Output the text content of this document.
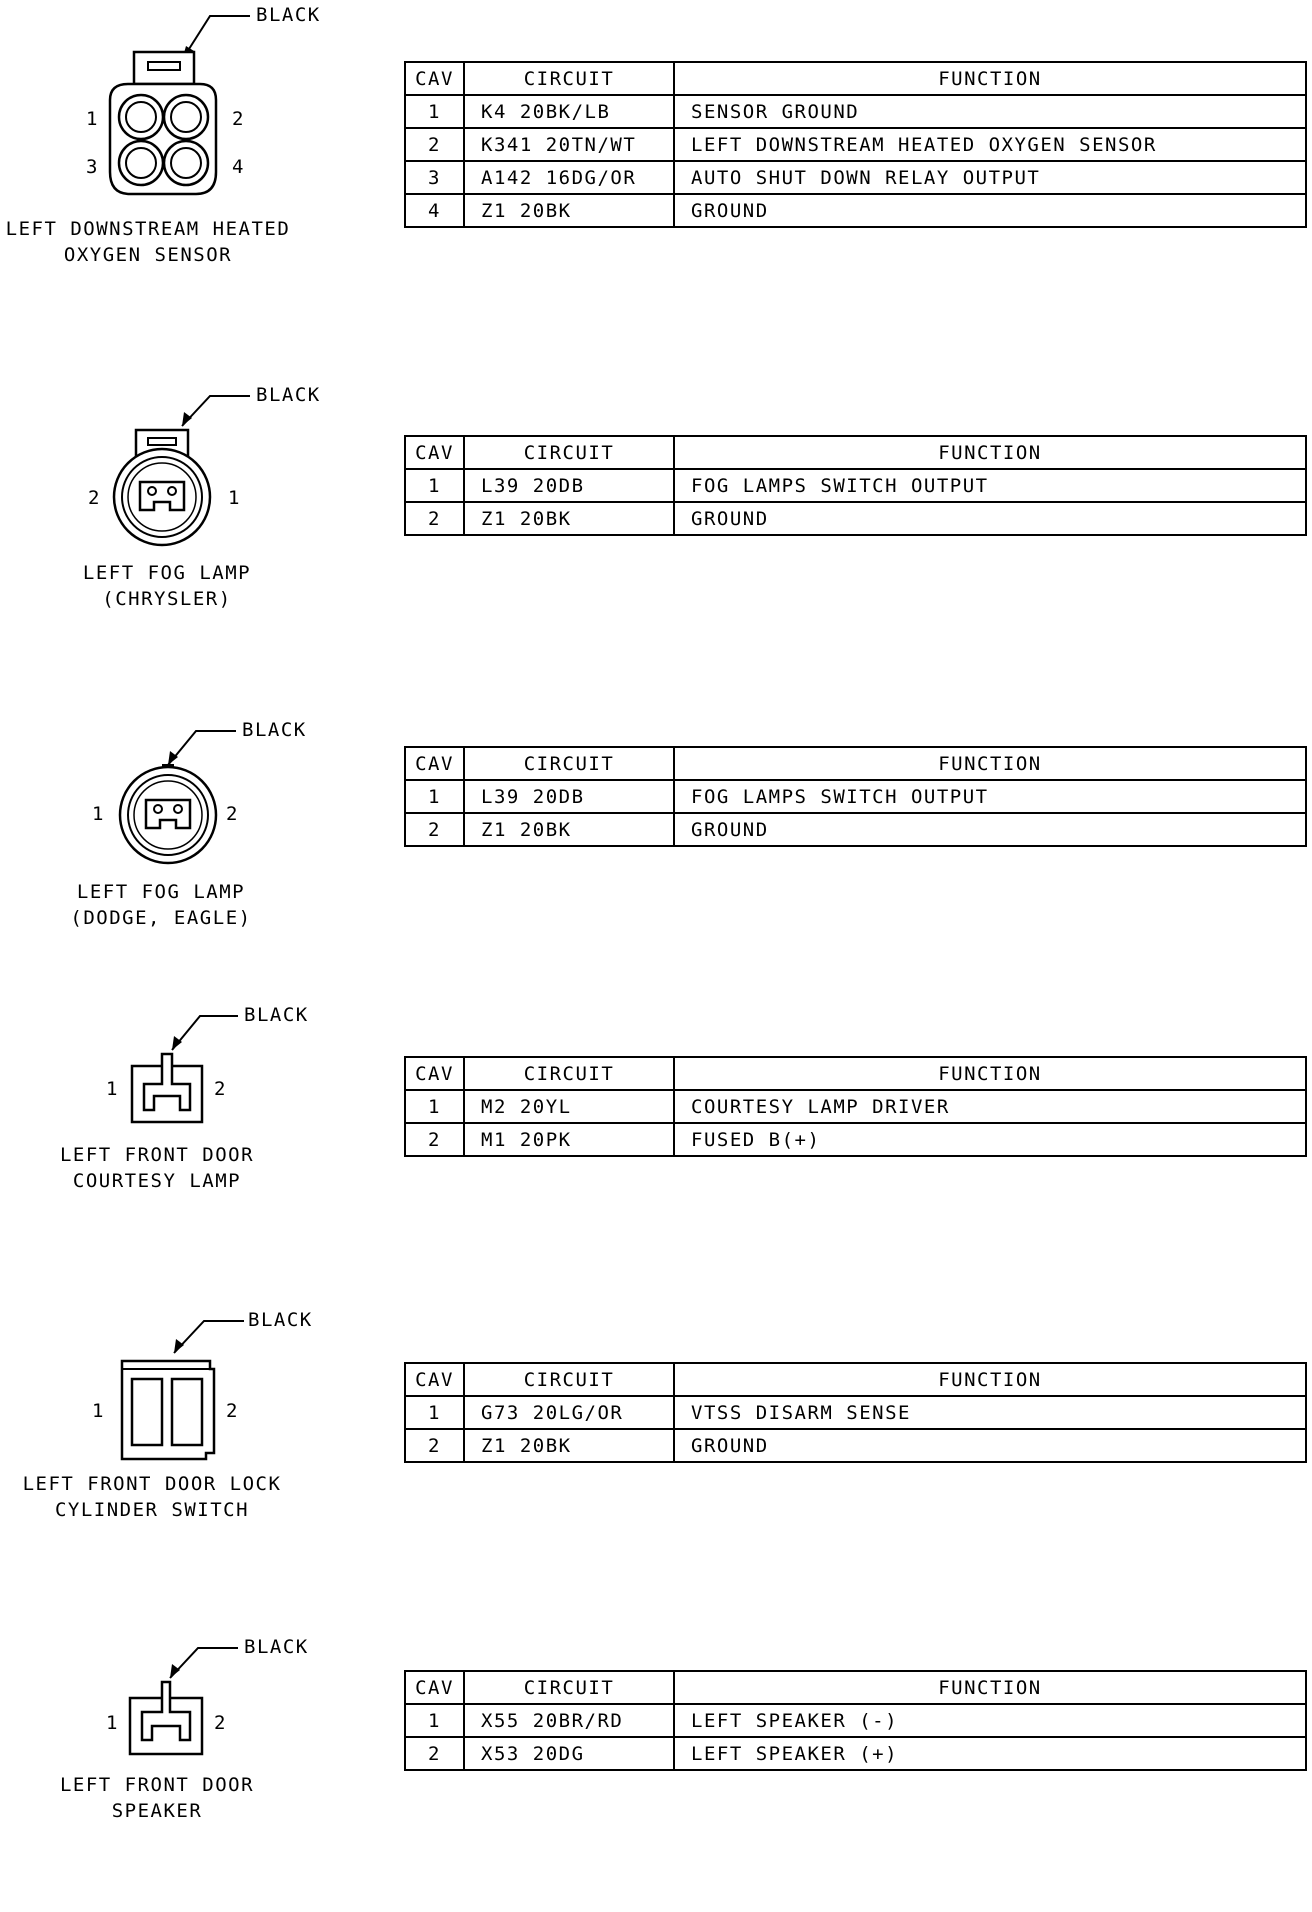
BLACK
1	2
3	4
LEFT DOWNSTREAM HEATED
OXYGEN SENSOR
CAV	CIRCUIT	FUNCTION
1	K4 20BK/LB	SENSOR GROUND
2	K341 20TN/WT	LEFT DOWNSTREAM HEATED OXYGEN SENSOR
3	A142 16DG/OR	AUTO SHUT DOWN RELAY OUTPUT
4	Z1 20BK	GROUND
BLACK
2	1
LEFT FOG LAMP
(CHRYSLER)
CAV	CIRCUIT	FUNCTION
1	L39 20DB	FOG LAMPS SWITCH OUTPUT
2	Z1 20BK	GROUND
BLACK
1	2
LEFT FOG LAMP
(DODGE, EAGLE)
CAV	CIRCUIT	FUNCTION
1	L39 20DB	FOG LAMPS SWITCH OUTPUT
2	Z1 20BK	GROUND
BLACK
1	2
LEFT FRONT DOOR
COURTESY LAMP
CAV	CIRCUIT	FUNCTION
1	M2 20YL	COURTESY LAMP DRIVER
2	M1 20PK	FUSED B(+)
BLACK
1	2
LEFT FRONT DOOR LOCK
CYLINDER SWITCH
CAV	CIRCUIT	FUNCTION
1	G73 20LG/OR	VTSS DISARM SENSE
2	Z1 20BK	GROUND
BLACK
1	2
LEFT FRONT DOOR
SPEAKER
CAV	CIRCUIT	FUNCTION
1	X55 20BR/RD	LEFT SPEAKER (-)
2	X53 20DG	LEFT SPEAKER (+)
